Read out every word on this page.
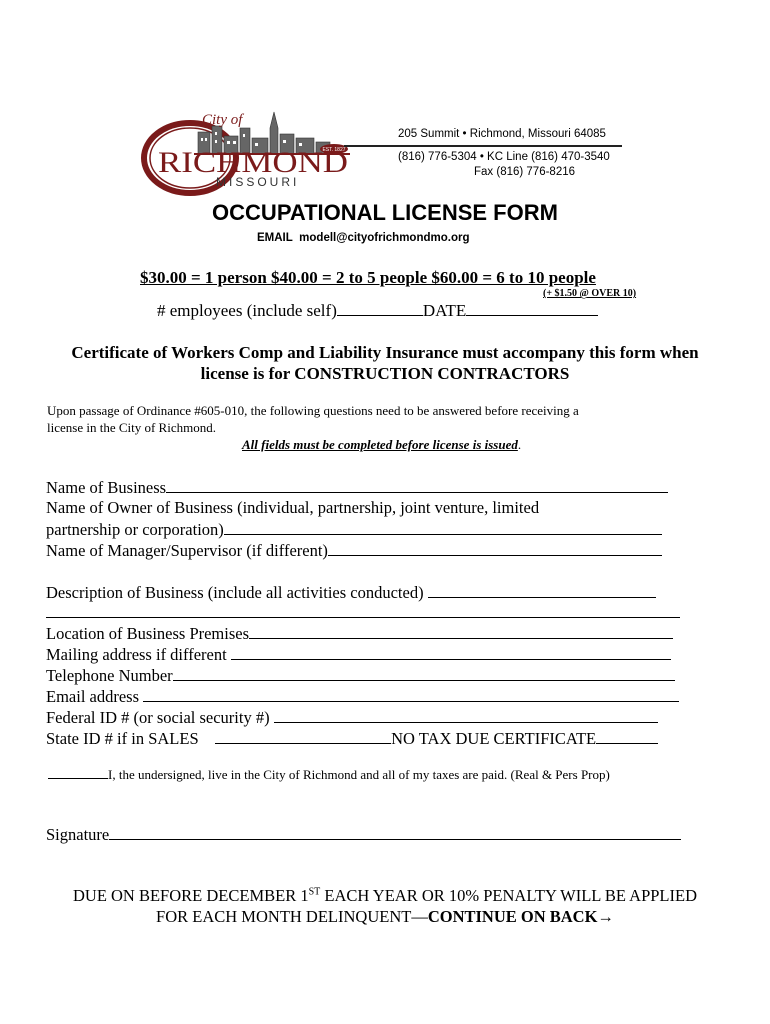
EST. 1827
City of
RICHMOND
MISSOURI
205 Summit • Richmond, Missouri 64085
(816) 776-5304 • KC Line (816) 470-3540
Fax (816) 776-8216
OCCUPATIONAL LICENSE FORM
EMAIL modell@cityofrichmondmo.org
$30.00 = 1 person $40.00 = 2 to 5 people $60.00 = 6 to 10 people
(+ $1.50 @ OVER 10)
# employees (include self)	DATE
Certificate of Workers Comp and Liability Insurance must accompany this form when
license is for CONSTRUCTION CONTRACTORS
Upon passage of Ordinance #605-010, the following questions need to be answered before receiving a
license in the City of Richmond.
All fields must be completed before license is issued.
Name of Business
Name of Owner of Business (individual, partnership, joint venture, limited
partnership or corporation)
Name of Manager/Supervisor (if different)
Description of Business (include all activities conducted)
Location of Business Premises
Mailing address if different
Telephone Number
Email address
Federal ID # (or social security #)
State ID # if in SALES	NO TAX DUE CERTIFICATE
I, the undersigned, live in the City of Richmond and all of my taxes are paid. (Real & Pers Prop)
Signature
DUE ON BEFORE DECEMBER 1ST EACH YEAR OR 10% PENALTY WILL BE APPLIED
FOR EACH MONTH DELINQUENT—CONTINUE ON BACK→
